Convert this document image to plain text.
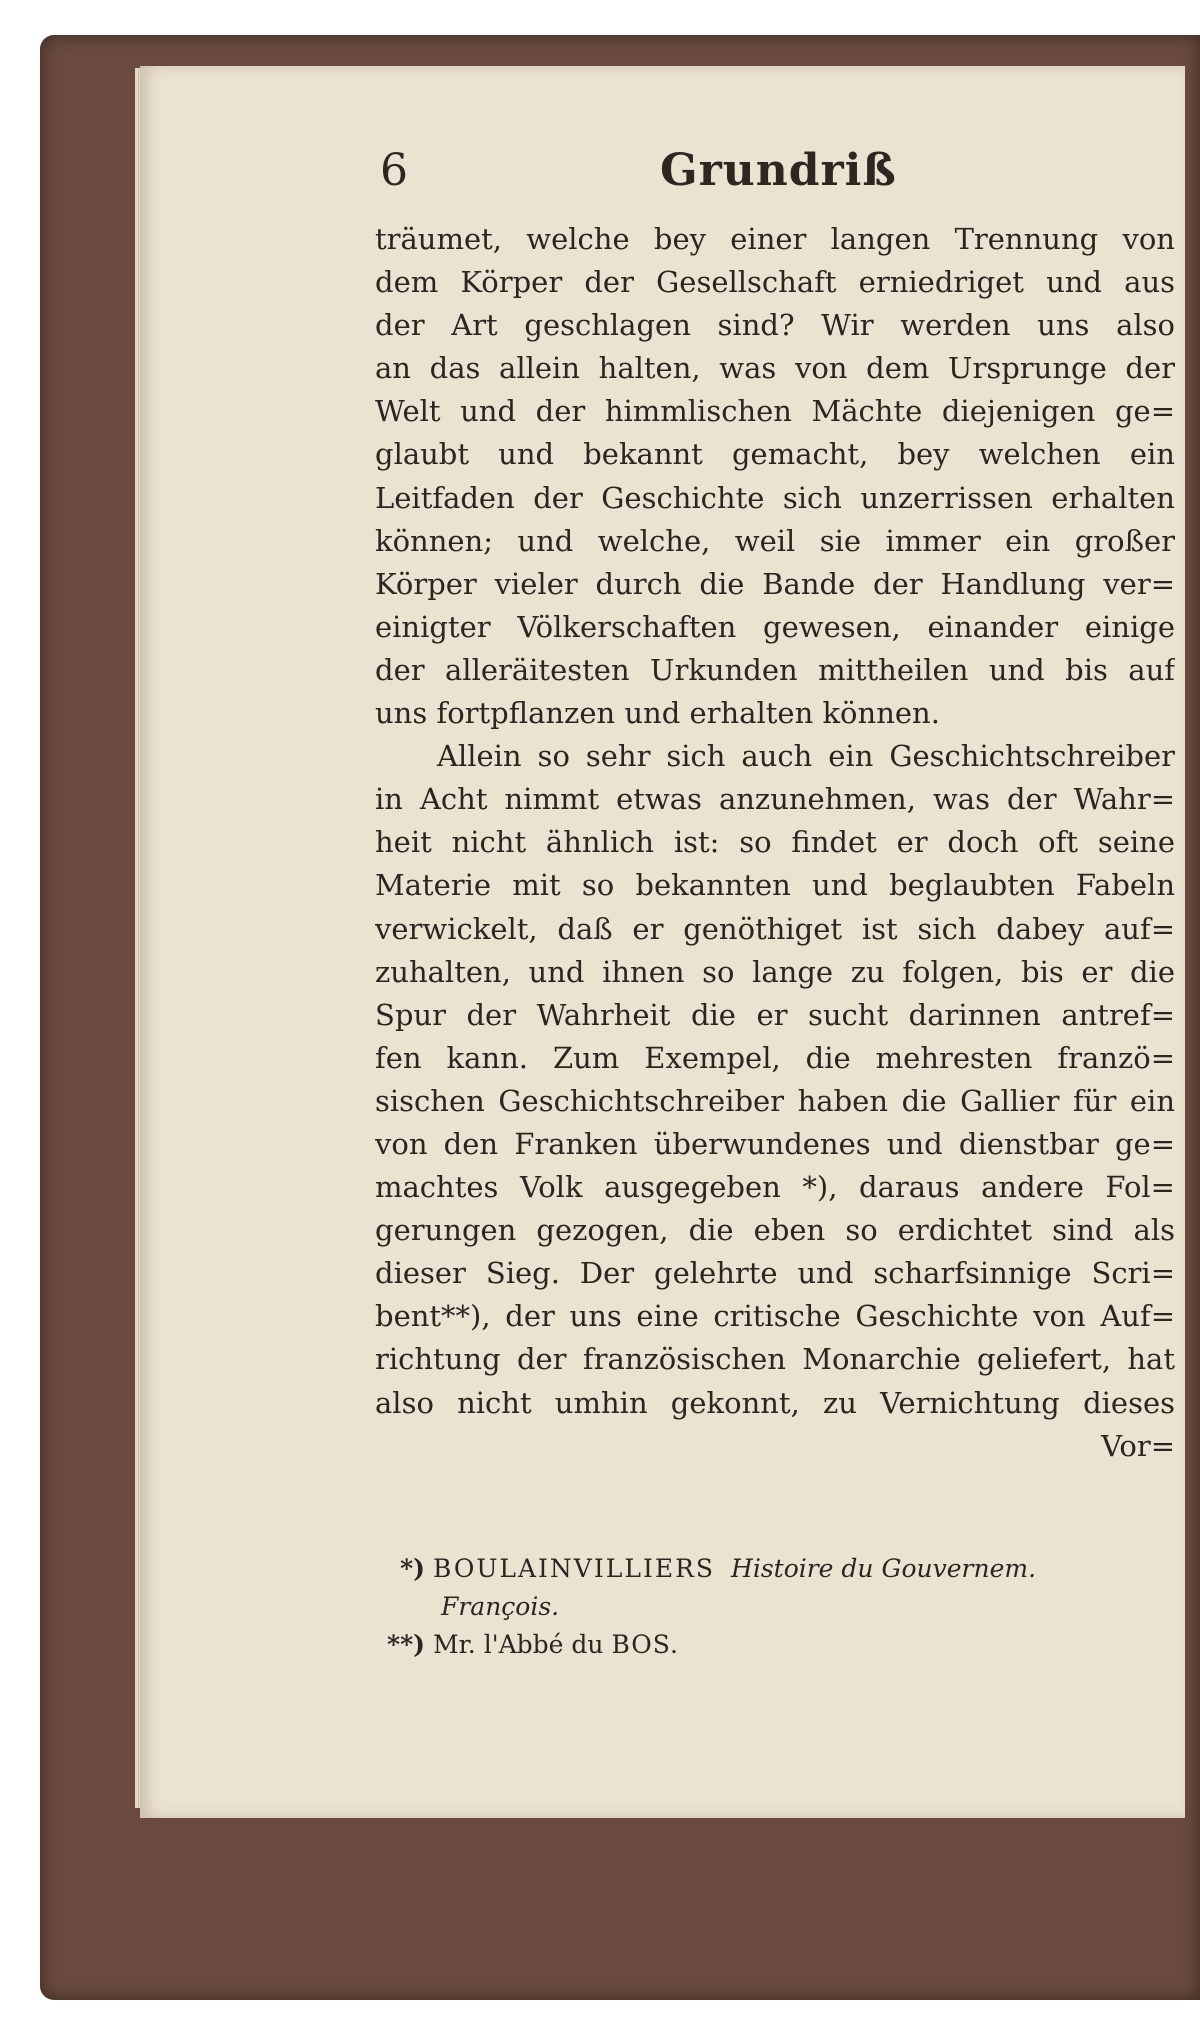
6	Grundriß
träumet, welche bey einer langen Trennung von
dem Körper der Gesellschaft erniedriget und aus
der Art geschlagen sind? Wir werden uns also
an das allein halten, was von dem Ursprunge der
Welt und der himmlischen Mächte diejenigen ge=
glaubt und bekannt gemacht, bey welchen ein
Leitfaden der Geschichte sich unzerrissen erhalten
können; und welche, weil sie immer ein großer
Körper vieler durch die Bande der Handlung ver=
einigter Völkerschaften gewesen, einander einige
der alleräitesten Urkunden mittheilen und bis auf
uns fortpflanzen und erhalten können.
Allein so sehr sich auch ein Geschichtschreiber
in Acht nimmt etwas anzunehmen, was der Wahr=
heit nicht ähnlich ist: so findet er doch oft seine
Materie mit so bekannten und beglaubten Fabeln
verwickelt, daß er genöthiget ist sich dabey auf=
zuhalten, und ihnen so lange zu folgen, bis er die
Spur der Wahrheit die er sucht darinnen antref=
fen kann. Zum Exempel, die mehresten franzö=
sischen Geschichtschreiber haben die Gallier für ein
von den Franken überwundenes und dienstbar ge=
machtes Volk ausgegeben *), daraus andere Fol=
gerungen gezogen, die eben so erdichtet sind als
dieser Sieg. Der gelehrte und scharfsinnige Scri=
bent**), der uns eine critische Geschichte von Auf=
richtung der französischen Monarchie geliefert, hat
also nicht umhin gekonnt, zu Vernichtung dieses
Vor=
*) BOULAINVILLIERS Histoire du Gouvernem.
François.
**) Mr. l'Abbé du BOS.
